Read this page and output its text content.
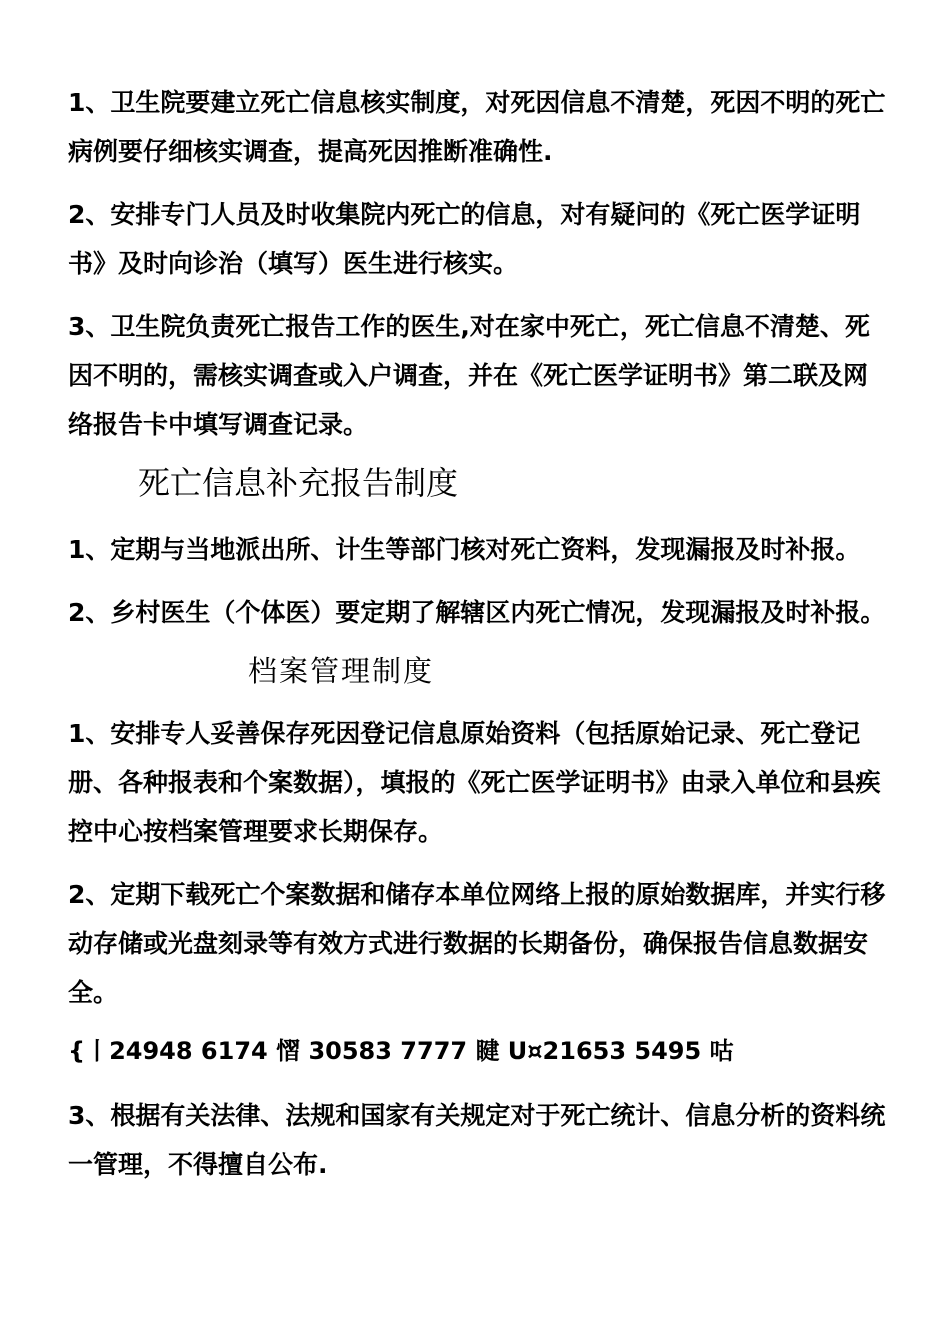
1、卫生院要建立死亡信息核实制度，对死因信息不清楚，死因不明的死亡病例要仔细核实调查，提高死因推断准确性.

2、安排专门人员及时收集院内死亡的信息，对有疑问的《死亡医学证明书》及时向诊治（填写）医生进行核实。

3、卫生院负责死亡报告工作的医生,对在家中死亡，死亡信息不清楚、死因不明的，需核实调查或入户调查，并在《死亡医学证明书》第二联及网络报告卡中填写调查记录。

死亡信息补充报告制度

1、定期与当地派出所、计生等部门核对死亡资料，发现漏报及时补报。

2、乡村医生（个体医）要定期了解辖区内死亡情况，发现漏报及时补报。

档案管理制度

1、安排专人妥善保存死因登记信息原始资料（包括原始记录、死亡登记册、各种报表和个案数据），填报的《死亡医学证明书》由录入单位和县疾控中心按档案管理要求长期保存。

2、定期下载死亡个案数据和储存本单位网络上报的原始数据库，并实行移动存储或光盘刻录等有效方式进行数据的长期备份，确保报告信息数据安全。

{丨24948 6174 慴 30583 7777 睷 U¤21653 5495 咕

3、根据有关法律、法规和国家有关规定对于死亡统计、信息分析的资料统一管理，不得擅自公布.
